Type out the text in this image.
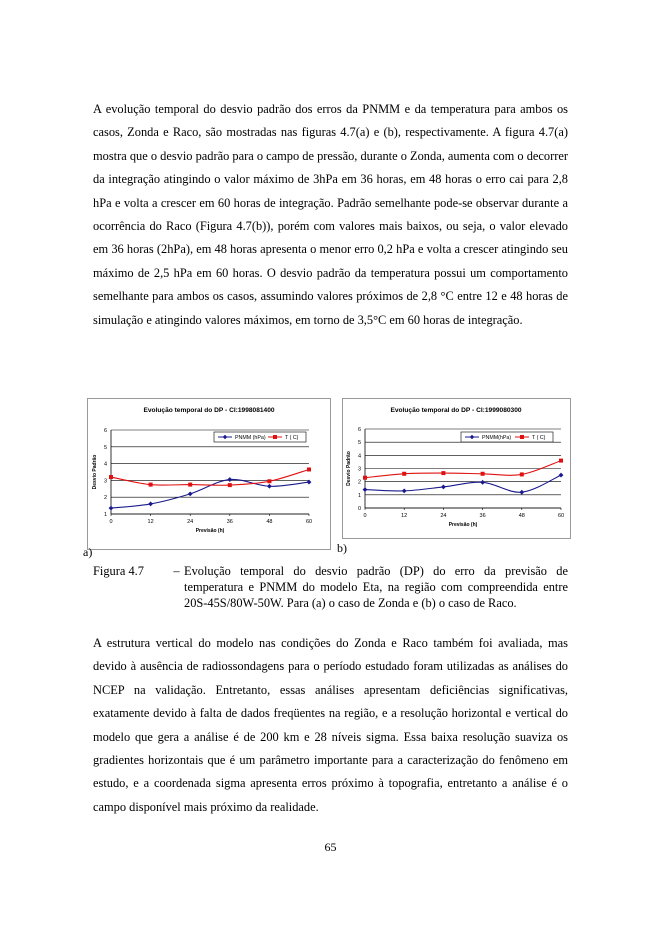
A evolução temporal do desvio padrão dos erros da PNMM e da temperatura para ambos os casos, Zonda e Raco, são mostradas nas figuras 4.7(a) e (b), respectivamente. A figura 4.7(a) mostra que o desvio padrão para o campo de pressão, durante o Zonda, aumenta com o decorrer da integração atingindo o valor máximo de 3hPa em 36 horas, em 48 horas o erro cai para 2,8 hPa e volta a crescer em 60 horas de integração. Padrão semelhante pode-se observar durante a ocorrência do Raco (Figura 4.7(b)), porém com valores mais baixos, ou seja, o valor elevado em 36 horas (2hPa), em 48 horas apresenta o menor erro 0,2 hPa e volta a crescer atingindo seu máximo de 2,5 hPa em 60 horas. O desvio padrão da temperatura possui um comportamento semelhante para ambos os casos, assumindo valores próximos de 2,8 °C entre 12 e 48 horas de simulação e atingindo valores máximos, em torno de 3,5°C em 60 horas de integração.

Evolução temporal do DP - CI:1998081400
1
2
3
4
5
6
0	12	24	36	48	60
Previsão (h)
Desvio Padrão
PNMM (hPa)	T ( C)
Evolução temporal do DP - CI:1999080300
0
1
2
3
4
5
6
0	12	24	36	48	60
Previsão (h)
Desvio Padrão
PNMM(hPa)	T ( C)
a)	b)
Figura 4.7	– Evolução temporal do desvio padrão (DP) do erro da previsão de temperatura e PNMM do modelo Eta, na região com compreendida entre 20S-45S/80W-50W. Para (a) o caso de Zonda e (b) o caso de Raco.

A estrutura vertical do modelo nas condições do Zonda e Raco também foi avaliada, mas devido à ausência de radiossondagens para o período estudado foram utilizadas as análises do NCEP na validação. Entretanto, essas análises apresentam deficiências significativas, exatamente devido à falta de dados freqüentes na região, e a resolução horizontal e vertical do modelo que gera a análise é de 200 km e 28 níveis sigma. Essa baixa resolução suaviza os gradientes horizontais que é um parâmetro importante para a caracterização do fenômeno em estudo, e a coordenada sigma apresenta erros próximo à topografia, entretanto a análise é o campo disponível mais próximo da realidade.

65
